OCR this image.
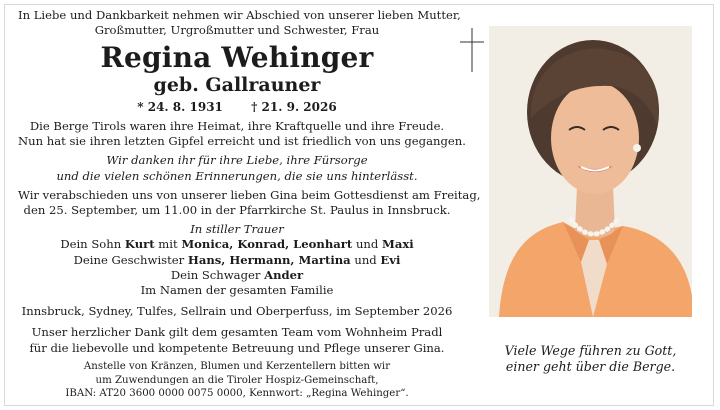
In Liebe und Dankbarkeit nehmen wir Abschied von unserer lieben Mutter,
Großmutter, Urgroßmutter und Schwester, Frau
Regina Wehinger
geb. Gallrauner
* 24. 8. 1931 † 21. 9. 2026
Die Berge Tirols waren ihre Heimat, ihre Kraftquelle und ihre Freude.
Nun hat sie ihren letzten Gipfel erreicht und ist friedlich von uns gegangen.
Wir danken ihr für ihre Liebe, ihre Fürsorge
und die vielen schönen Erinnerungen, die sie uns hinterlässt.
Wir verabschieden uns von unserer lieben Gina beim Gottesdienst am Freitag,
den 25. September, um 11.00 in der Pfarrkirche St. Paulus in Innsbruck.
In stiller Trauer
Dein Sohn Kurt mit Monica, Konrad, Leonhart und Maxi
Deine Geschwister Hans, Hermann, Martina und Evi
Dein Schwager Ander
Im Namen der gesamten Familie
Innsbruck, Sydney, Tulfes, Sellrain und Oberperfuss, im September 2026
Unser herzlicher Dank gilt dem gesamten Team vom Wohnheim Pradl
für die liebevolle und kompetente Betreuung und Pflege unserer Gina.
Anstelle von Kränzen, Blumen und Kerzentellern bitten wir
um Zuwendungen an die Tiroler Hospiz-Gemeinschaft,
IBAN: AT20 3600 0000 0075 0000, Kennwort: „Regina Wehinger“.
Viele Wege führen zu Gott,
einer geht über die Berge.
